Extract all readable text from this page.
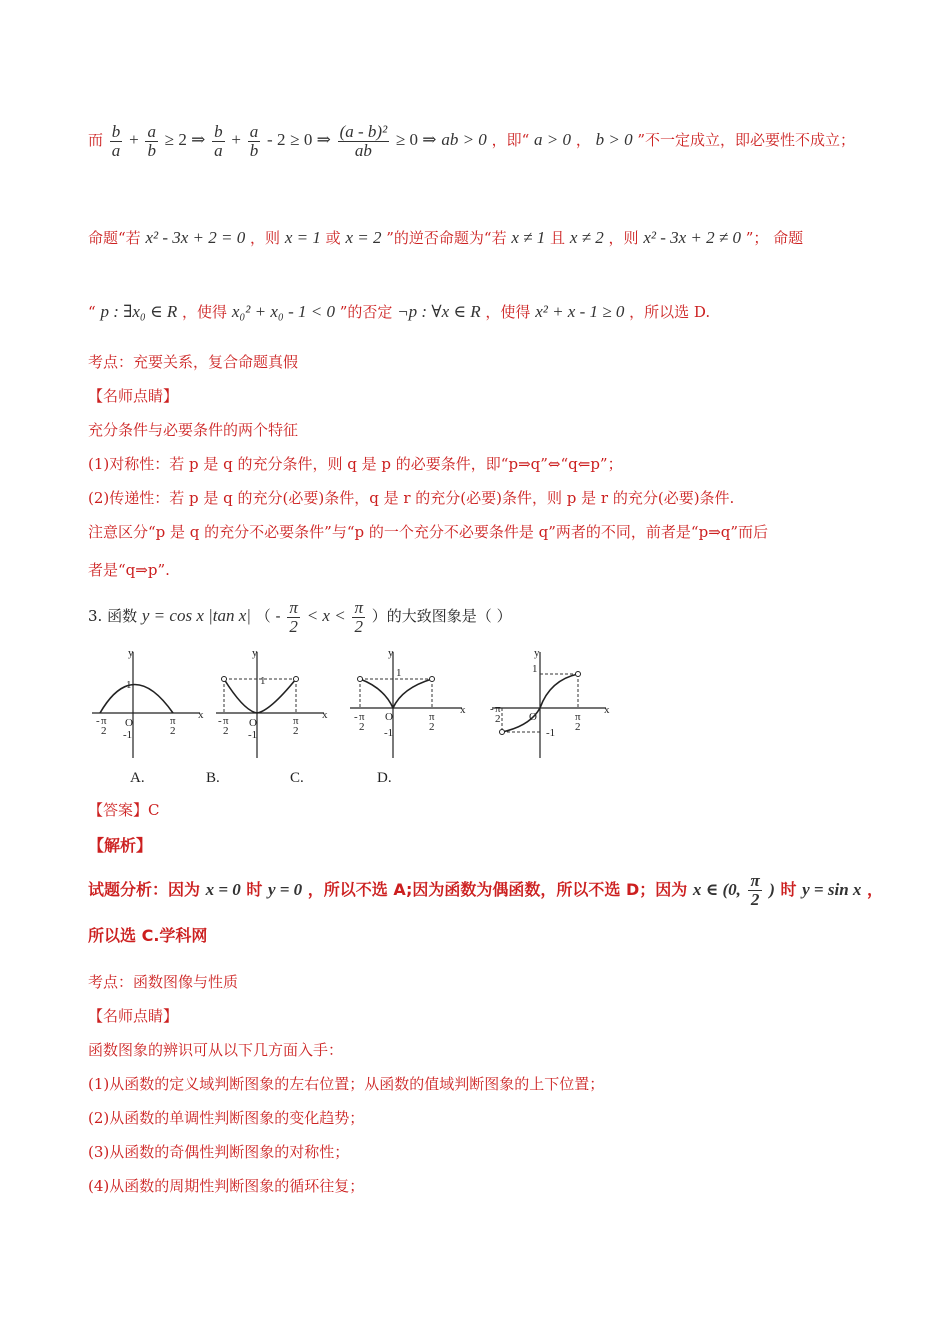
而 $\frac{b}{a} + \frac{a}{b} \ge 2$ ⇒ $\frac{b}{a} + \frac{a}{b} - 2 \ge 0$ ⇒ $\frac{\text{(a - b)²}}{ab} \ge 0$ ⇒ ab > 0 ，即“ a > 0 ， b > 0 ”不一定成立，即必要性不成立；
命题“若 x² - 3x + 2 = 0 ，则 x = 1 或 x = 2 ”的逆否命题为“若 x ≠ 1 且 x ≠ 2 ，则 x² - 3x + 2 ≠ 0 ”； 命题
“ p : ∃x₀ ∈ R ，使得 x₀² + x₀ - 1 < 0 ”的否定 ¬p : ∀x ∈ R ，使得 x² + x - 1 ≥ 0 ，所以选 D.
考点：充要关系，复合命题真假
【名师点睛】
充分条件与必要条件的两个特征
(1)对称性：若 p 是 q 的充分条件，则 q 是 p 的必要条件，即“p⇒q”⇔“q⇐p”；
(2)传递性：若 p 是 q 的充分(必要)条件，q 是 r 的充分(必要)条件，则 p 是 r 的充分(必要)条件.
注意区分“p 是 q 的充分不必要条件”与“p 的一个充分不必要条件是 q”两者的不同，前者是“p⇒q”而后
者是“q⇒p”.
3. 函数 y = cos x |tan x| （ - $\frac{\pi}{2} < x < \frac{\pi}{2}$ ）的大致图象是（ ）
y
x
O
1
-1
- π
2
π
2
y
x
O
1
-1
- π
2
π
2
y
x
O
1
-1
- π
2
π
2
y
x
O
1
-1
- π
2	π
2
A.	B.	C.	D.
【答案】C
【解析】
试题分析：因为 x = 0 时 y = 0 ，所以不选 A;因为函数为偶函数，所以不选 D；因为 x ∈ (0, $\frac{\pi}{2}$ ) 时 y = sin x ，
所以选 C.学科网
考点：函数图像与性质
【名师点睛】
函数图象的辨识可从以下几方面入手：
(1)从函数的定义域判断图象的左右位置；从函数的值域判断图象的上下位置；
(2)从函数的单调性判断图象的变化趋势；
(3)从函数的奇偶性判断图象的对称性；
(4)从函数的周期性判断图象的循环往复；
